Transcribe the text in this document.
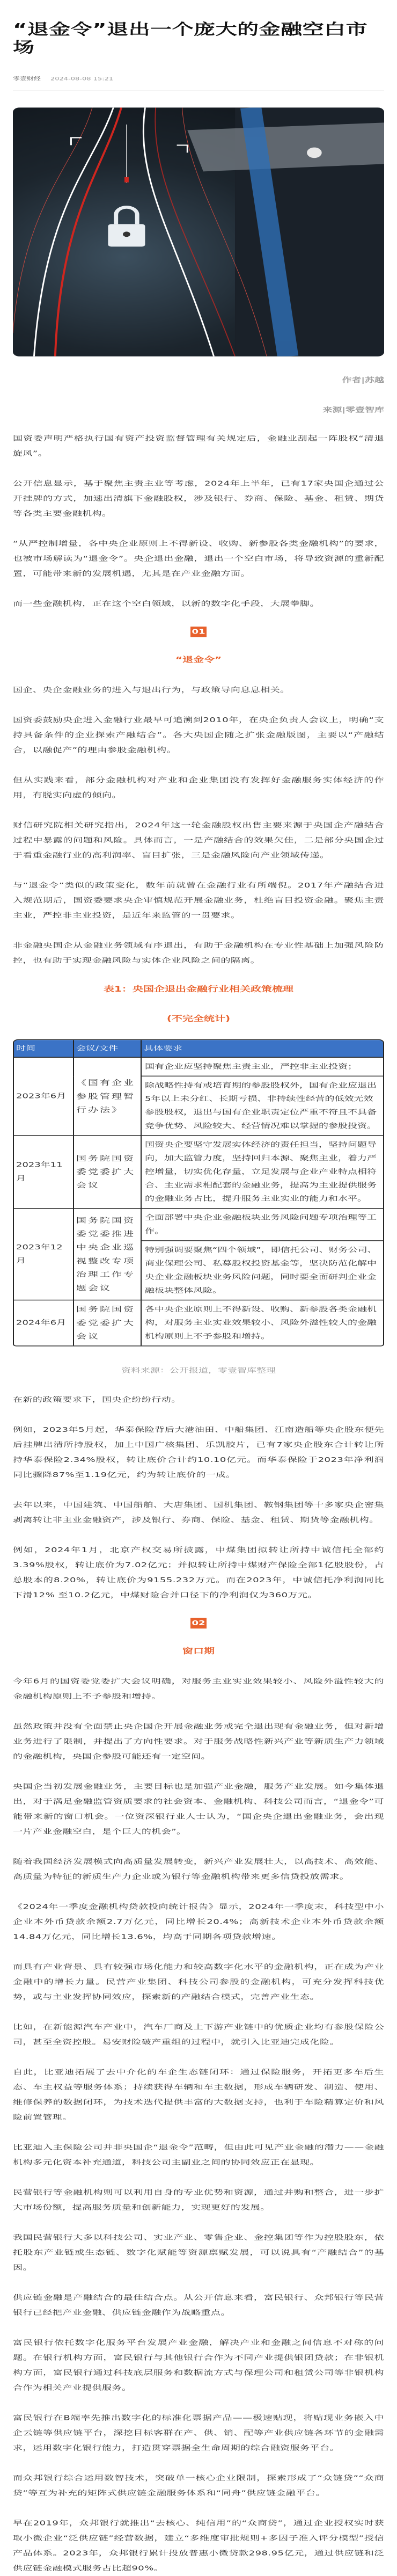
“退金令”退出一个庞大的金融空白市场
零壹财经 2024-08-08 15:21
作者|苏越
来源|零壹智库

国资委声明严格执行国有资产投资监督管理有关规定后，金融业刮起一阵股权“清退旋风”。

公开信息显示，基于聚焦主责主业等考虑，2024年上半年，已有17家央国企通过公开挂牌的方式，加速出清旗下金融股权，涉及银行、券商、保险、基金、租赁、期货等各类主要金融机构。

“从严控制增量，各中央企业原则上不得新设、收购、新参股各类金融机构”的要求，也被市场解读为“退金令”。央企退出金融，退出一个空白市场，将导致资源的重新配置，可能带来新的发展机遇，尤其是在产业金融方面。

而一些金融机构，正在这个空白领域，以新的数字化手段，大展拳脚。

01
“退金令”

国企、央企金融业务的进入与退出行为，与政策导向息息相关。

国资委鼓励央企进入金融行业最早可追溯到2010年，在央企负责人会议上，明确“支持具备条件的企业探索产融结合”。各大央国企随之扩张金融版图，主要以“产融结合，以融促产”的理由参股金融机构。

但从实践来看，部分金融机构对产业和企业集团没有发挥好金融服务实体经济的作用，有脱实向虚的倾向。

财信研究院相关研究指出，2024年这一轮金融股权出售主要来源于央国企产融结合过程中暴露的问题和风险。具体而言，一是产融结合的效果欠佳，二是部分央国企过于看重金融行业的高利润率、盲目扩张，三是金融风险向产业领域传递。

与“退金令”类似的政策变化，数年前就曾在金融行业有所端倪。2017年产融结合进入规范期后，国资委要求央企审慎规范开展金融业务，杜绝盲目投资金融。聚焦主责主业，严控非主业投资，是近年来监管的一贯要求。

非金融央国企从金融业务领域有序退出，有助于金融机构在专业性基础上加强风险防控，也有助于实现金融风险与实体企业风险之间的隔离。

表1：央国企退出金融行业相关政策梳理
(不完全统计)
时间	会议/文件	具体要求
2023年6月	《国有企业参股管理暂行办法》	国有企业应坚持聚焦主责主业，严控非主业投资；
		除战略性持有或培育期的参股股权外，国有企业应退出5年以上未分红、长期亏损、非持续性经营的低效无效参股股权，退出与国有企业职责定位严重不符且不具备竞争优势、风险较大、经营情况难以掌握的参股投资。
2023年11月	国务院国资委党委扩大会议	国资央企要坚守发展实体经济的责任担当，坚持问题导向，加大监管力度，坚持回归本源、聚焦主业，着力严控增量，切实优化存量，立足发展与企业产业特点相符合、主业需求相配套的金融业务，提高为主业提供服务的金融业务占比，提升服务主业实业的能力和水平。
2023年12月	国务院国资委党委推进中央企业巡视整改专项治理工作专题会议	全面部署中央企业金融板块业务风险问题专项治理等工作。
		特别强调要聚焦“四个领域”，即信托公司、财务公司、商业保理公司、私募股权投资基金等，坚决防范化解中央企业金融板块业务风险问题，同时要全面研判企业金融板块整体风险。
2024年6月	国务院国资委党委扩大会议	各中央企业原则上不得新设、收购、新参股各类金融机构，对服务主业实业效果较小、风险外溢性较大的金融机构原则上不予参股和增持。
资料来源：公开报道，零壹智库整理

在新的政策要求下，国央企纷纷行动。

例如，2023年5月起，华泰保险背后大港油田、中船集团、江南造船等央企股东便先后挂牌出清所持股权，加上中国广核集团、乐凯胶片，已有7家央企股东合计转让所持华泰保险2.34%股权，转让底价合计约10.10亿元。而华泰保险于2023年净利润同比骤降87%至1.19亿元，约为转让底价的一成。

去年以来，中国建筑、中国船舶、大唐集团、国机集团、鞍钢集团等十多家央企密集剥离转让非主业金融资产，涉及银行、券商、保险、基金、租赁、期货等金融机构。

例如，2024年1月，北京产权交易所披露，中煤集团拟转让所持中诚信托全部约3.39%股权，转让底价为7.02亿元；并拟转让所持中煤财产保险全部1亿股股份，占总股本的8.20%，转让底价为9155.232万元。而在2023年，中诚信托净利润同比下滑12% 至10.2亿元，中煤财险合并口径下的净利润仅为360万元。

02
窗口期

今年6月的国资委党委扩大会议明确，对服务主业实业效果较小、风险外溢性较大的金融机构原则上不予参股和增持。

虽然政策并没有全面禁止央企国企开展金融业务或完全退出现有金融业务，但对新增业务进行了限制，并提出了方向性要求。对于服务战略性新兴产业等新质生产力领域的金融机构，央国企参股可能还有一定空间。

央国企当初发展金融业务，主要目标也是加强产业金融，服务产业发展。如今集体退出，对于满足金融监管资质要求的社会资本、金融机构、科技公司而言，“退金令”可能带来新的窗口机会。一位资深银行业人士认为，“国企央企退出金融业务，会出现一片产业金融空白，是个巨大的机会”。

随着我国经济发展模式向高质量发展转变，新兴产业发展壮大，以高技术、高效能、高质量为特征的新质生产力企业或为银行等金融机构带来更多信贷投放需求。

《2024年一季度金融机构贷款投向统计报告》显示，2024年一季度末，科技型中小企业本外币贷款余额2.7万亿元，同比增长20.4%；高新技术企业本外币贷款余额14.84万亿元，同比增长13.6%，均高于同期各项贷款增速。

而具有产业背景、具有较强市场化能力和较高数字化水平的金融机构，正在成为产业金融中的增长力量。民营产业集团、科技公司参股的金融机构，可充分发挥科技优势，或与主业发挥协同效应，探索新的产融结合模式，完善产业生态。

比如，在新能源汽车产业中，汽车厂商及上下游产业链中的优质企业均有参股保险公司，甚至全资控股。易安财险破产重组的过程中，就引入比亚迪完成化险。

自此，比亚迪拓展了去中介化的车企生态链闭环：通过保险服务，开拓更多车后生态、车主权益等服务体系；持续获得车辆和车主数据，形成车辆研发、制造、使用、维修保养的数据闭环，为技术迭代提供丰富的大数据支持，也利于车险精算定价和风险前置管理。

比亚迪入主保险公司并非央国企“退金令”范畴，但由此可见产业金融的潜力——金融机构多元化资本补充通道，科技公司主副业之间的协同效应正在显现。

民营银行等金融机构则可以利用自身的专业优势和资源，通过并购和整合，进一步扩大市场份额，提高服务质量和创新能力，实现更好的发展。

我国民营银行大多以科技公司、实业产业、零售企业、金控集团等作为控股股东，依托股东产业链或生态链、数字化赋能等资源禀赋发展，可以说具有“产融结合”的基因。

供应链金融是产融结合的最佳结合点。从公开信息来看，富民银行、众邦银行等民营银行已经把产业金融、供应链金融作为战略重点。

富民银行依托数字化服务平台发展产业金融，解决产业和金融之间信息不对称的问题。在银行机构方面，富民银行与其他银行合作为不同产业提供银团贷款；在非银机构方面，富民银行通过科技底层服务和数据流方式与保理公司和租赁公司等非银机构合作为相关产业提供服务。

富民银行在B端率先推出数字化的标准化票据产品——极速贴现，将贴现业务嵌入中企云链等供应链平台，深挖目标客群在产、供、销、配等产业供应链各环节的金融需求，运用数字化银行能力，打造贯穿票据全生命周期的综合融资服务平台。

而众邦银行综合运用数智技术，突破单一核心企业限制，探索形成了“众链贷”“众商贷”等互为补充的矩阵式供应链金融服务体系和“同舟”供应链金融平台。

早在2019年，众邦银行就推出“去核心、纯信用”的“众商贷”，通过企业授权实时获取小微企业“泛供应链”经营数据，建立“多维度审批规则+多因子准入评分模型”授信产品体系。2023年，众邦银行累计投放普惠小微贷款298.95亿元，通过供应链和泛供应链金融模式服务占比超90%。
